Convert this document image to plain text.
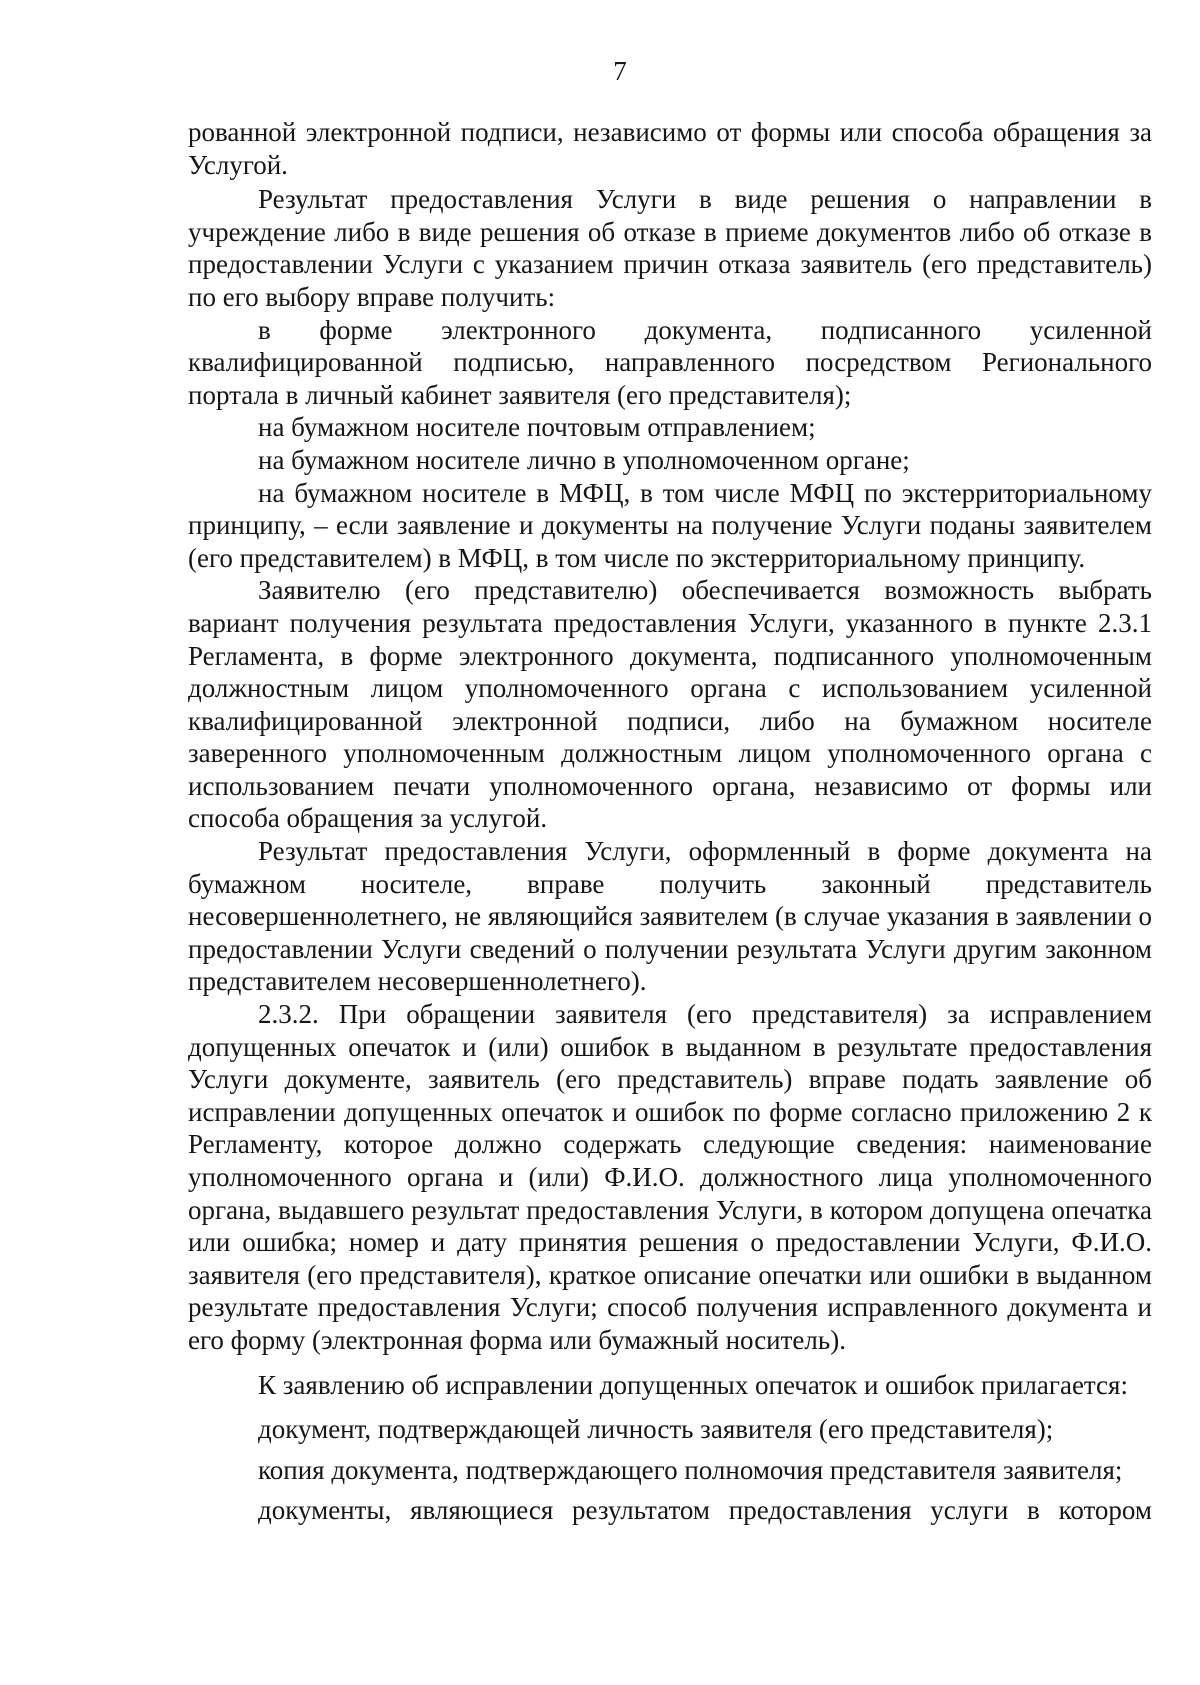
7

рованной электронной подписи, независимо от формы или способа обращения за Услугой.

Результат предоставления Услуги в виде решения о направлении в учреждение либо в виде решения об отказе в приеме документов либо об отказе в предоставлении Услуги с указанием причин отказа заявитель (его представитель) по его выбору вправе получить:

в форме электронного документа, подписанного усиленной квалифицированной подписью, направленного посредством Регионального портала в личный кабинет заявителя (его представителя);

на бумажном носителе почтовым отправлением;

на бумажном носителе лично в уполномоченном органе;

на бумажном носителе в МФЦ, в том числе МФЦ по экстерриториальному принципу, – если заявление и документы на получение Услуги поданы заявителем (его представителем) в МФЦ, в том числе по экстерриториальному принципу.

Заявителю (его представителю) обеспечивается возможность выбрать вариант получения результата предоставления Услуги, указанного в пункте 2.3.1 Регламента, в форме электронного документа, подписанного уполномоченным должностным лицом уполномоченного органа с использованием усиленной квалифицированной электронной подписи, либо на бумажном носителе заверенного уполномоченным должностным лицом уполномоченного органа с использованием печати уполномоченного органа, независимо от формы или способа обращения за услугой.

Результат предоставления Услуги, оформленный в форме документа на бумажном носителе, вправе получить законный представитель несовершеннолетнего, не являющийся заявителем (в случае указания в заявлении о предоставлении Услуги сведений о получении результата Услуги другим законном представителем несовершеннолетнего).

2.3.2. При обращении заявителя (его представителя) за исправлением допущенных опечаток и (или) ошибок в выданном в результате предоставления Услуги документе, заявитель (его представитель) вправе подать заявление об исправлении допущенных опечаток и ошибок по форме согласно приложению 2 к Регламенту, которое должно содержать следующие сведения: наименование уполномоченного органа и (или) Ф.И.О. должностного лица уполномоченного органа, выдавшего результат предоставления Услуги, в котором допущена опечатка или ошибка; номер и дату принятия решения о предоставлении Услуги, Ф.И.О. заявителя (его представителя), краткое описание опечатки или ошибки в выданном результате предоставления Услуги; способ получения исправленного документа и его форму (электронная форма или бумажный носитель).

К заявлению об исправлении допущенных опечаток и ошибок прилагается:

документ, подтверждающей личность заявителя (его представителя);

копия документа, подтверждающего полномочия представителя заявителя;

документы, являющиеся результатом предоставления услуги в котором
